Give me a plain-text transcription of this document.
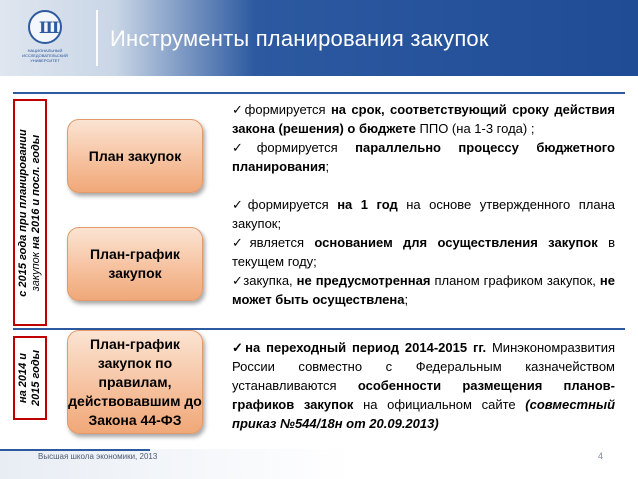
Ш
НАЦИОНАЛЬНЫЙ ИССЛЕДОВАТЕЛЬСКИЙ УНИВЕРСИТЕТ
Инструменты планирования закупок
с 2015 года при планировании закупок на 2016 и посл. годы
на 2014 и 2015 годы
План закупок
План-график закупок
План-график закупок по правилам, действовавшим до Закона 44-ФЗ

✓формируется на срок, соответствующий сроку действия закона (решения) о бюджете ППО (на 1-3 года) ;

✓формируется параллельно процессу бюджетного планирования;

✓формируется на 1 год на основе утвержденного плана закупок;

✓является основанием для осуществления закупок в текущем году;

✓закупка, не предусмотренная планом графиком закупок, не может быть осуществлена;

✓на переходный период 2014-2015 гг. Минэкономразвития России совместно с Федеральным казначейством устанавливаются особенности размещения планов-графиков закупок на официальном сайте (совместный приказ №544/18н от 20.09.2013)

Высшая школа экономики, 2013	4
